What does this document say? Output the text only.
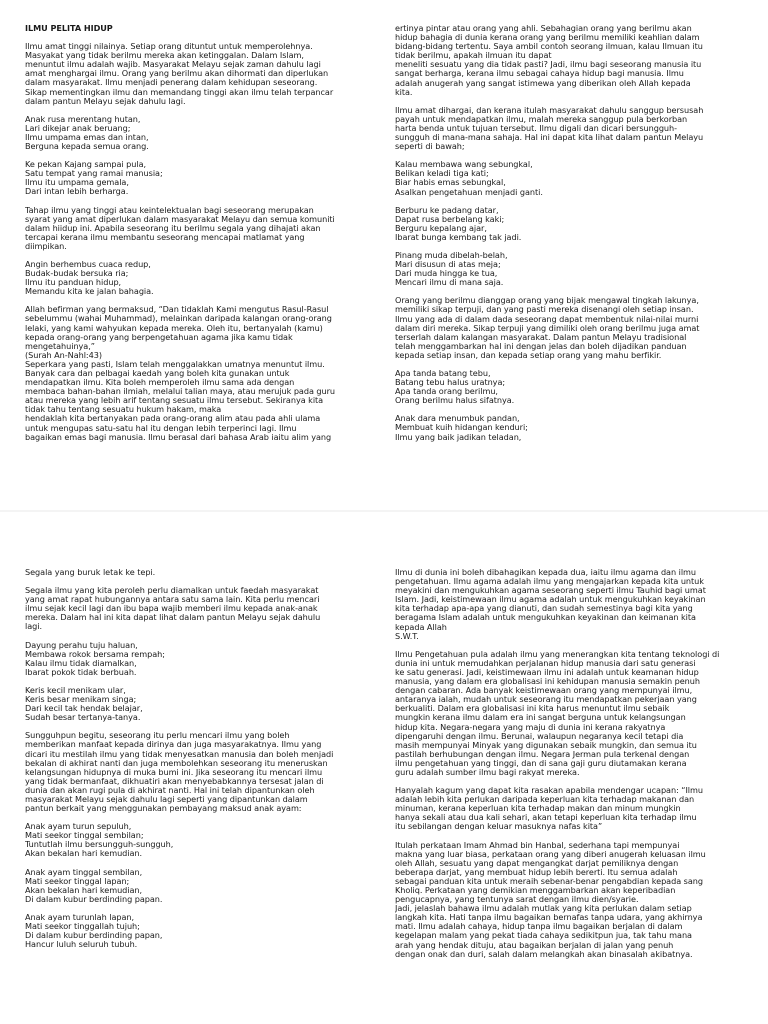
ILMU PELITA HIDUP
Ilmu amat tinggi nilainya. Setiap orang dituntut untuk memperolehnya.
Masyakat yang tidak berilmu mereka akan ketinggalan. Dalam Islam,
menuntut ilmu adalah wajib. Masyarakat Melayu sejak zaman dahulu lagi
amat menghargai ilmu. Orang yang berilmu akan dihormati dan diperlukan
dalam masyarakat. Ilmu menjadi penerang dalam kehidupan seseorang.
Sikap mementingkan ilmu dan memandang tinggi akan ilmu telah terpancar
dalam pantun Melayu sejak dahulu lagi.
Anak rusa merentang hutan,
Lari dikejar anak beruang;
Ilmu umpama emas dan intan,
Berguna kepada semua orang.
Ke pekan Kajang sampai pula,
Satu tempat yang ramai manusia;
Ilmu itu umpama gemala,
Dari intan lebih berharga.
Tahap ilmu yang tinggi atau keintelektualan bagi seseorang merupakan
syarat yang amat diperlukan dalam masyarakat Melayu dan semua komuniti
dalam hiidup ini. Apabila seseorang itu berilmu segala yang dihajati akan
tercapai kerana ilmu membantu seseorang mencapai matlamat yang
diimpikan.
Angin berhembus cuaca redup,
Budak-budak bersuka ria;
Ilmu itu panduan hidup,
Memandu kita ke jalan bahagia.
Allah befirman yang bermaksud, “Dan tidaklah Kami mengutus Rasul-Rasul
sebelummu (wahai Muhammad), melainkan daripada kalangan orang-orang
lelaki, yang kami wahyukan kepada mereka. Oleh itu, bertanyalah (kamu)
kepada orang-orang yang berpengetahuan agama jika kamu tidak
mengetahuinya,”
(Surah An-Nahl:43)
Seperkara yang pasti, Islam telah menggalakkan umatnya menuntut ilmu.
Banyak cara dan pelbagai kaedah yang boleh kita gunakan untuk
mendapatkan ilmu. Kita boleh memperoleh ilmu sama ada dengan
membaca bahan-bahan ilmiah, melalui talian maya, atau merujuk pada guru
atau mereka yang lebih arif tentang sesuatu ilmu tersebut. Sekiranya kita
tidak tahu tentang sesuatu hukum hakam, maka
hendaklah kita bertanyakan pada orang-orang alim atau pada ahli ulama
untuk mengupas satu-satu hal itu dengan lebih terperinci lagi. Ilmu
bagaikan emas bagi manusia. Ilmu berasal dari bahasa Arab iaitu alim yang
ertinya pintar atau orang yang ahli. Sebahagian orang yang berilmu akan
hidup bahagia di dunia kerana orang yang berilmu memiliki keahlian dalam
bidang-bidang tertentu. Saya ambil contoh seorang ilmuan, kalau Ilmuan itu
tidak berilmu, apakah ilmuan itu dapat
meneliti sesuatu yang dia tidak pasti? Jadi, ilmu bagi seseorang manusia itu
sangat berharga, kerana ilmu sebagai cahaya hidup bagi manusia. Ilmu
adalah anugerah yang sangat istimewa yang diberikan oleh Allah kepada
kita.
Ilmu amat dihargai, dan kerana itulah masyarakat dahulu sanggup bersusah
payah untuk mendapatkan ilmu, malah mereka sanggup pula berkorban
harta benda untuk tujuan tersebut. Ilmu digali dan dicari bersungguh-
sungguh di mana-mana sahaja. Hal ini dapat kita lihat dalam pantun Melayu
seperti di bawah;
Kalau membawa wang sebungkal,
Belikan keladi tiga kati;
Biar habis emas sebungkal,
Asalkan pengetahuan menjadi ganti.
Berburu ke padang datar,
Dapat rusa berbelang kaki;
Berguru kepalang ajar,
Ibarat bunga kembang tak jadi.
Pinang muda dibelah-belah,
Mari disusun di atas meja;
Dari muda hingga ke tua,
Mencari ilmu di mana saja.
Orang yang berilmu dianggap orang yang bijak mengawal tingkah lakunya,
memiliki sikap terpuji, dan yang pasti mereka disenangi oleh setiap insan.
Ilmu yang ada di dalam dada seseorang dapat membentuk nilai-nilai murni
dalam diri mereka. Sikap terpuji yang dimiliki oleh orang berilmu juga amat
terserlah dalam kalangan masyarakat. Dalam pantun Melayu tradisional
telah menggambarkan hal ini dengan jelas dan boleh dijadikan panduan
kepada setiap insan, dan kepada setiap orang yang mahu berfikir.
Apa tanda batang tebu,
Batang tebu halus uratnya;
Apa tanda orang berilmu,
Orang berilmu halus sifatnya.
Anak dara menumbuk pandan,
Membuat kuih hidangan kenduri;
Ilmu yang baik jadikan teladan,
Segala yang buruk letak ke tepi.
Segala ilmu yang kita peroleh perlu diamalkan untuk faedah masyarakat
yang amat rapat hubungannya antara satu sama lain. Kita perlu mencari
ilmu sejak kecil lagi dan ibu bapa wajib memberi ilmu kepada anak-anak
mereka. Dalam hal ini kita dapat lihat dalam pantun Melayu sejak dahulu
lagi.
Dayung perahu tuju haluan,
Membawa rokok bersama rempah;
Kalau ilmu tidak diamalkan,
Ibarat pokok tidak berbuah.
Keris kecil menikam ular,
Keris besar menikam singa;
Dari kecil tak hendak belajar,
Sudah besar tertanya-tanya.
Sungguhpun begitu, seseorang itu perlu mencari ilmu yang boleh
memberikan manfaat kepada dirinya dan juga masyarakatnya. Ilmu yang
dicari itu mestilah ilmu yang tidak menyesatkan manusia dan boleh menjadi
bekalan di akhirat nanti dan juga membolehkan seseorang itu meneruskan
kelangsungan hidupnya di muka bumi ini. Jika seseorang itu mencari ilmu
yang tidak bermanfaat, dikhuatiri akan menyebabkannya tersesat jalan di
dunia dan akan rugi pula di akhirat nanti. Hal ini telah dipantunkan oleh
masyarakat Melayu sejak dahulu lagi seperti yang dipantunkan dalam
pantun berkait yang menggunakan pembayang maksud anak ayam:
Anak ayam turun sepuluh,
Mati seekor tinggal sembilan;
Tuntutlah ilmu bersungguh-sungguh,
Akan bekalan hari kemudian.
Anak ayam tinggal sembilan,
Mati seekor tinggal lapan;
Akan bekalan hari kemudian,
Di dalam kubur berdinding papan.
Anak ayam turunlah lapan,
Mati seekor tinggallah tujuh;
Di dalam kubur berdinding papan,
Hancur luluh seluruh tubuh.
Ilmu di dunia ini boleh dibahagikan kepada dua, iaitu ilmu agama dan ilmu
pengetahuan. Ilmu agama adalah ilmu yang mengajarkan kepada kita untuk
meyakini dan mengukuhkan agama seseorang seperti ilmu Tauhid bagi umat
Islam. Jadi, keistimewaan ilmu agama adalah untuk mengukuhkan keyakinan
kita terhadap apa-apa yang dianuti, dan sudah semestinya bagi kita yang
beragama Islam adalah untuk mengukuhkan keyakinan dan keimanan kita
kepada Allah
S.W.T.
Ilmu Pengetahuan pula adalah ilmu yang menerangkan kita tentang teknologi di
dunia ini untuk memudahkan perjalanan hidup manusia dari satu generasi
ke satu generasi. Jadi, keistimewaan ilmu ini adalah untuk keamanan hidup
manusia, yang dalam era globalisasi ini kehidupan manusia semakin penuh
dengan cabaran. Ada banyak keistimewaan orang yang mempunyai ilmu,
antaranya ialah, mudah untuk seseorang itu mendapatkan pekerjaan yang
berkualiti. Dalam era globalisasi ini kita harus menuntut ilmu sebaik
mungkin kerana ilmu dalam era ini sangat berguna untuk kelangsungan
hidup kita. Negara-negara yang maju di dunia ini kerana rakyatnya
dipengaruhi dengan ilmu. Berunai, walaupun negaranya kecil tetapi dia
masih mempunyai Minyak yang digunakan sebaik mungkin, dan semua itu
pastilah berhubungan dengan ilmu. Negara Jerman pula terkenal dengan
ilmu pengetahuan yang tinggi, dan di sana gaji guru diutamakan kerana
guru adalah sumber ilmu bagi rakyat mereka.
Hanyalah kagum yang dapat kita rasakan apabila mendengar ucapan: “Ilmu
adalah lebih kita perlukan daripada keperluan kita terhadap makanan dan
minuman, kerana keperluan kita terhadap makan dan minum mungkin
hanya sekali atau dua kali sehari, akan tetapi keperluan kita terhadap ilmu
itu sebilangan dengan keluar masuknya nafas kita”
Itulah perkataan Imam Ahmad bin Hanbal, sederhana tapi mempunyai
makna yang luar biasa, perkataan orang yang diberi anugerah keluasan ilmu
oleh Allah, sesuatu yang dapat mengangkat darjat pemiliknya dengan
beberapa darjat, yang membuat hidup lebih bererti. Itu semua adalah
sebagai panduan kita untuk meraih sebenar-benar pengabdian kepada sang
Kholiq. Perkataan yang demikian menggambarkan akan keperibadian
pengucapnya, yang tentunya sarat dengan ilmu dien/syarie.
Jadi, jelaslah bahawa ilmu adalah mutlak yang kita perlukan dalam setiap
langkah kita. Hati tanpa ilmu bagaikan bernafas tanpa udara, yang akhirnya
mati. Ilmu adalah cahaya, hidup tanpa ilmu bagaikan berjalan di dalam
kegelapan malam yang pekat tiada cahaya sedikitpun jua, tak tahu mana
arah yang hendak dituju, atau bagaikan berjalan di jalan yang penuh
dengan onak dan duri, salah dalam melangkah akan binasalah akibatnya.
